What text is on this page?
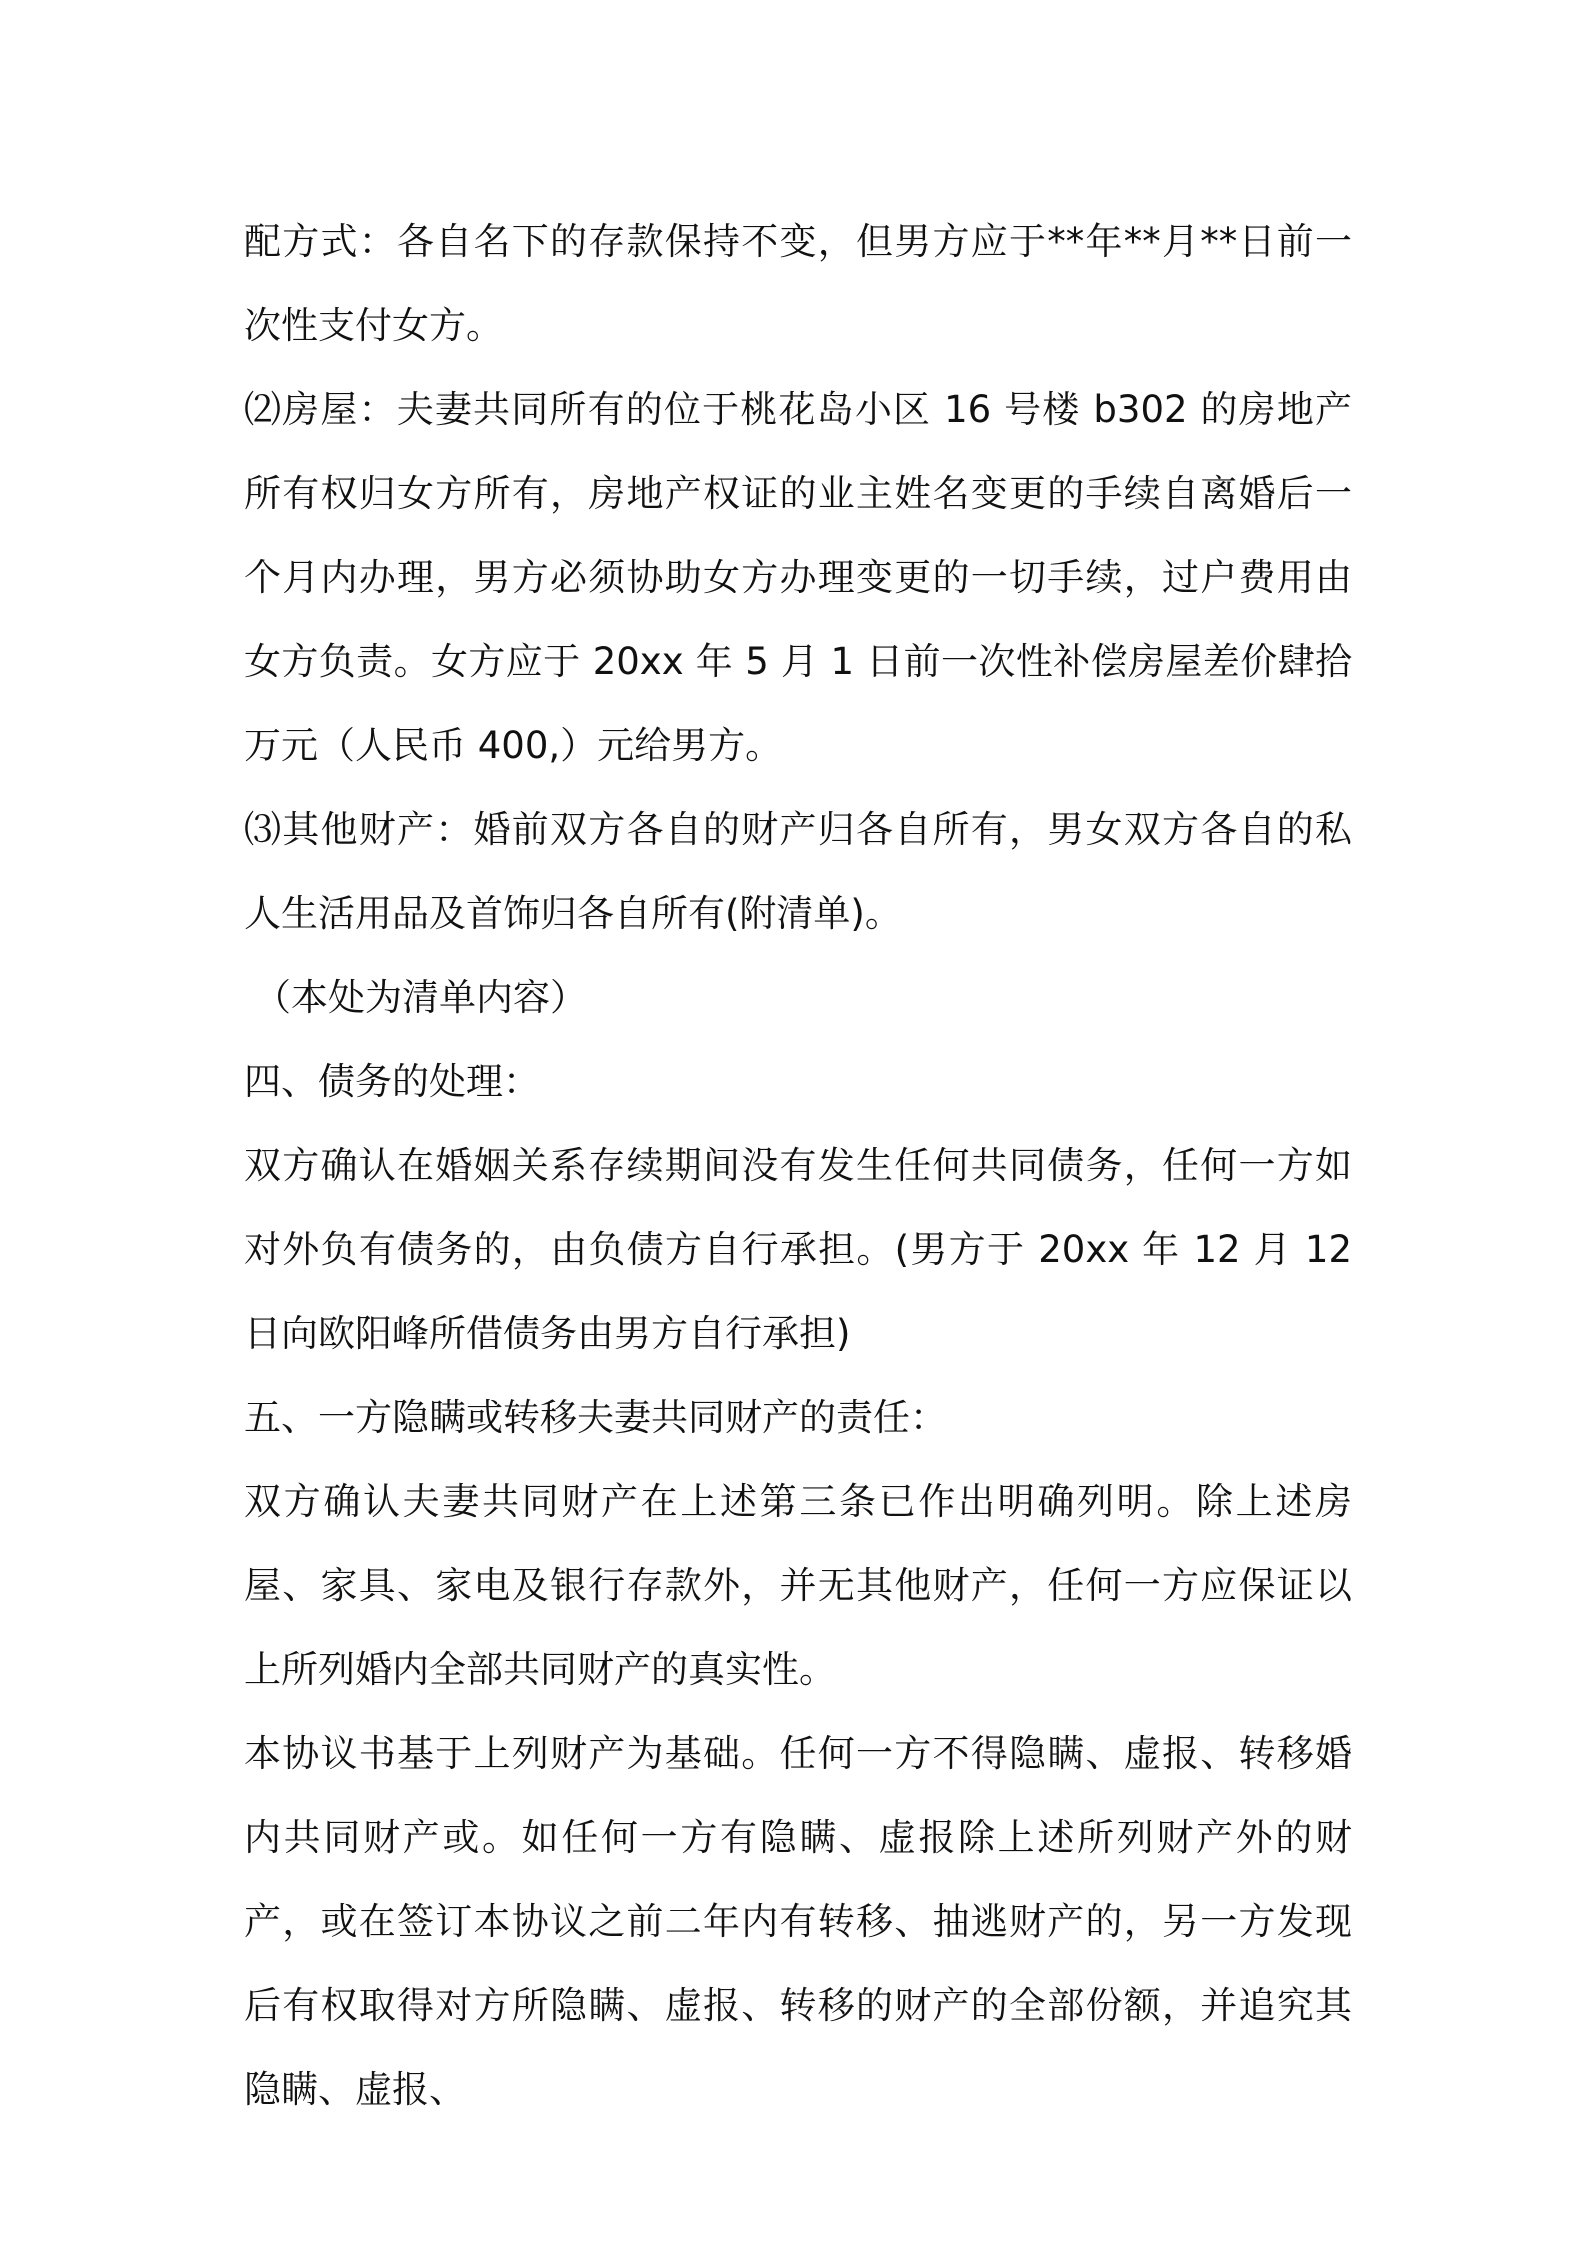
配方式：各自名下的存款保持不变，但男方应于**年**月**日前一次性支付女方。

⑵房屋：夫妻共同所有的位于桃花岛小区 16 号楼 b302 的房地产所有权归女方所有，房地产权证的业主姓名变更的手续自离婚后一个月内办理，男方必须协助女方办理变更的一切手续，过户费用由女方负责。女方应于 20xx 年 5 月 1 日前一次性补偿房屋差价肆拾万元（人民币 400,）元给男方。

⑶其他财产：婚前双方各自的财产归各自所有，男女双方各自的私人生活用品及首饰归各自所有(附清单)。

（本处为清单内容）

四、债务的处理：

双方确认在婚姻关系存续期间没有发生任何共同债务，任何一方如对外负有债务的，由负债方自行承担。(男方于 20xx 年 12 月 12 日向欧阳峰所借债务由男方自行承担)

五、一方隐瞒或转移夫妻共同财产的责任：

双方确认夫妻共同财产在上述第三条已作出明确列明。除上述房屋、家具、家电及银行存款外，并无其他财产，任何一方应保证以上所列婚内全部共同财产的真实性。

本协议书基于上列财产为基础。任何一方不得隐瞒、虚报、转移婚内共同财产或。如任何一方有隐瞒、虚报除上述所列财产外的财产，或在签订本协议之前二年内有转移、抽逃财产的，另一方发现后有权取得对方所隐瞒、虚报、转移的财产的全部份额，并追究其隐瞒、虚报、
